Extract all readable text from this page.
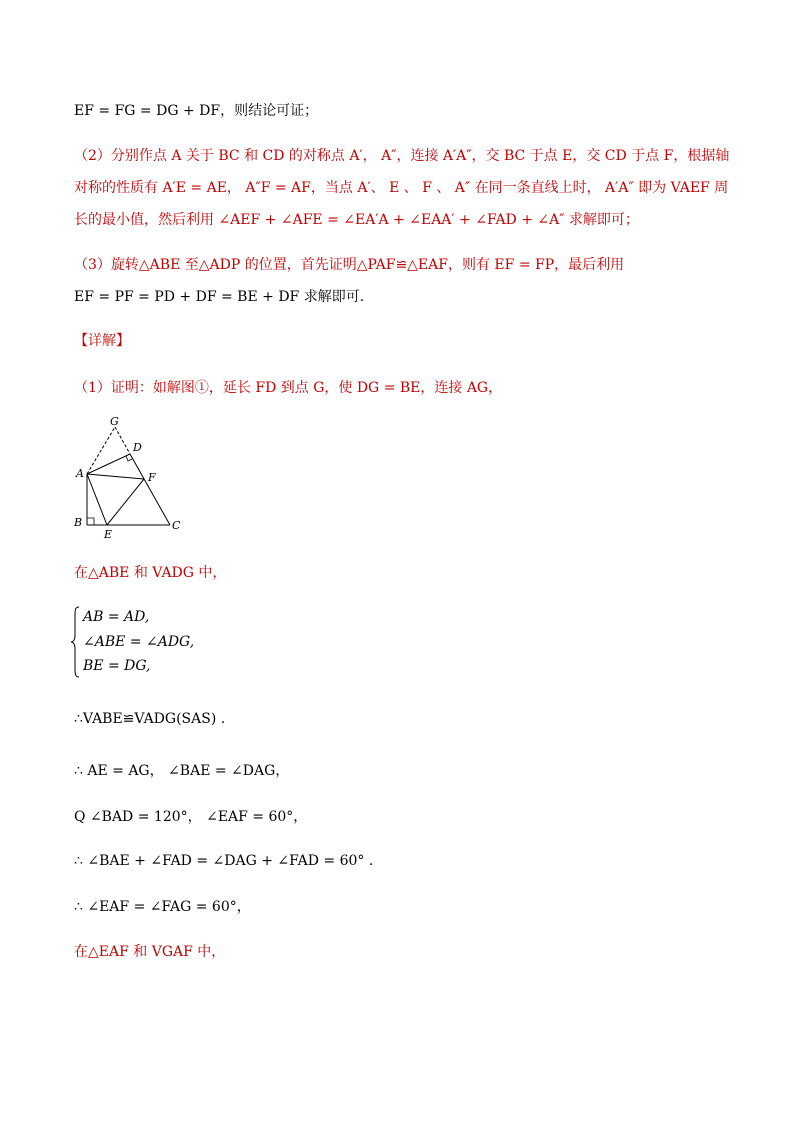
EF = FG = DG + DF，则结论可证；
（2）分别作点 A 关于 BC 和 CD 的对称点 A′， A″，连接 A′A″，交 BC 于点 E，交 CD 于点 F，根据轴
对称的性质有 A′E = AE， A″F = AF，当点 A′、 E 、 F 、 A″ 在同一条直线上时， A′A″ 即为 VAEF 周
长的最小值，然后利用 ∠AEF + ∠AFE = ∠EA′A + ∠EAA′ + ∠FAD + ∠A″ 求解即可；
（3）旋转△ABE 至△ADP 的位置，首先证明△PAF≌△EAF，则有 EF = FP，最后利用
EF = PF = PD + DF = BE + DF 求解即可.
【详解】
（1）证明：如解图①，延长 FD 到点 G，使 DG = BE，连接 AG，
G
D
A	F
B
E
C
在△ABE 和 VADG 中，
AB = AD,
∠ABE = ∠ADG,
BE = DG,
∴VABE≌VADG(SAS) .
∴ AE = AG， ∠BAE = ∠DAG，
Q ∠BAD = 120°， ∠EAF = 60°，
∴ ∠BAE + ∠FAD = ∠DAG + ∠FAD = 60° .
∴ ∠EAF = ∠FAG = 60°，
在△EAF 和 VGAF 中，
